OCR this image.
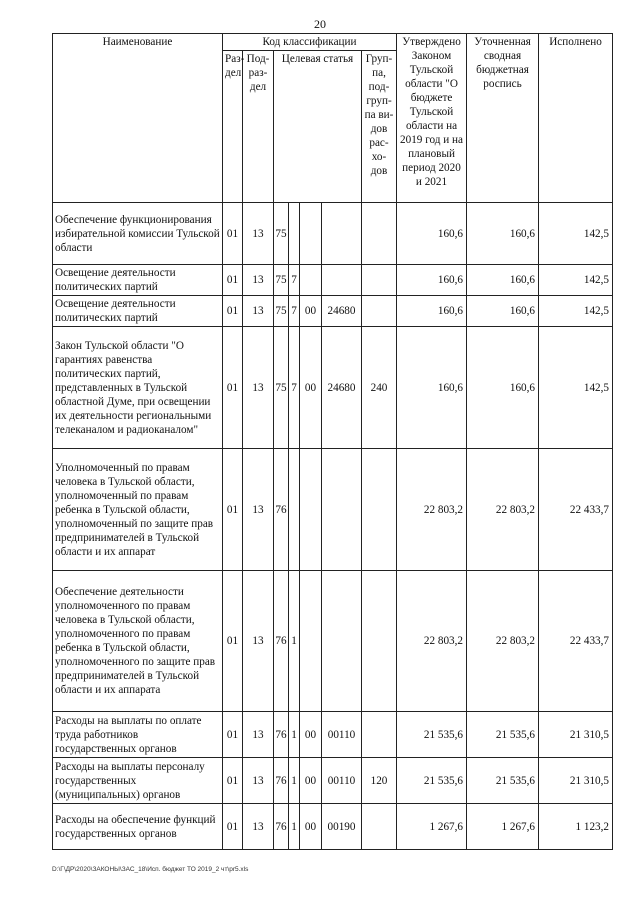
20
Наименование	Код классификации							Утверждено Законом Тульской области "О бюджете Тульской области на 2019 год и на плановый период 2020 и 2021	Уточненная сводная бюджетная роспись	Исполнено
	Раз-дел	Под-раз-дел	Целевая статья				Груп-па, под-груп-па ви-дов рас-хо-дов			
Обеспечение функционирования избирательной комиссии Тульской области	01	13	75					160,6	160,6	142,5
Освещение деятельности политических партий	01	13	75	7				160,6	160,6	142,5
Освещение деятельности политических партий	01	13	75	7	00	24680		160,6	160,6	142,5
Закон Тульской области "О гарантиях равенства политических партий, представленных в Тульской областной Думе, при освещении их деятельности региональными телеканалом и радиоканалом"	01	13	75	7	00	24680	240	160,6	160,6	142,5
Уполномоченный по правам человека в Тульской области, уполномоченный по правам ребенка в Тульской области, уполномоченный по защите прав предпринимателей в Тульской области и их аппарат	01	13	76					22 803,2	22 803,2	22 433,7
Обеспечение деятельности уполномоченного по правам человека в Тульской области, уполномоченного по правам ребенка в Тульской области, уполномоченного по защите прав предпринимателей в Тульской области и их аппарата	01	13	76	1				22 803,2	22 803,2	22 433,7
Расходы на выплаты по оплате труда работников государственных органов	01	13	76	1	00	00110		21 535,6	21 535,6	21 310,5
Расходы на выплаты персоналу государственных (муниципальных) органов	01	13	76	1	00	00110	120	21 535,6	21 535,6	21 310,5
Расходы на обеспечение функций государственных органов	01	13	76	1	00	00190		1 267,6	1 267,6	1 123,2
D:\Г\ДР\2020\ЗАКОНЫ\ЗАС_18\Исп. бюджет ТО 2019_2 чт\pr5.xls
